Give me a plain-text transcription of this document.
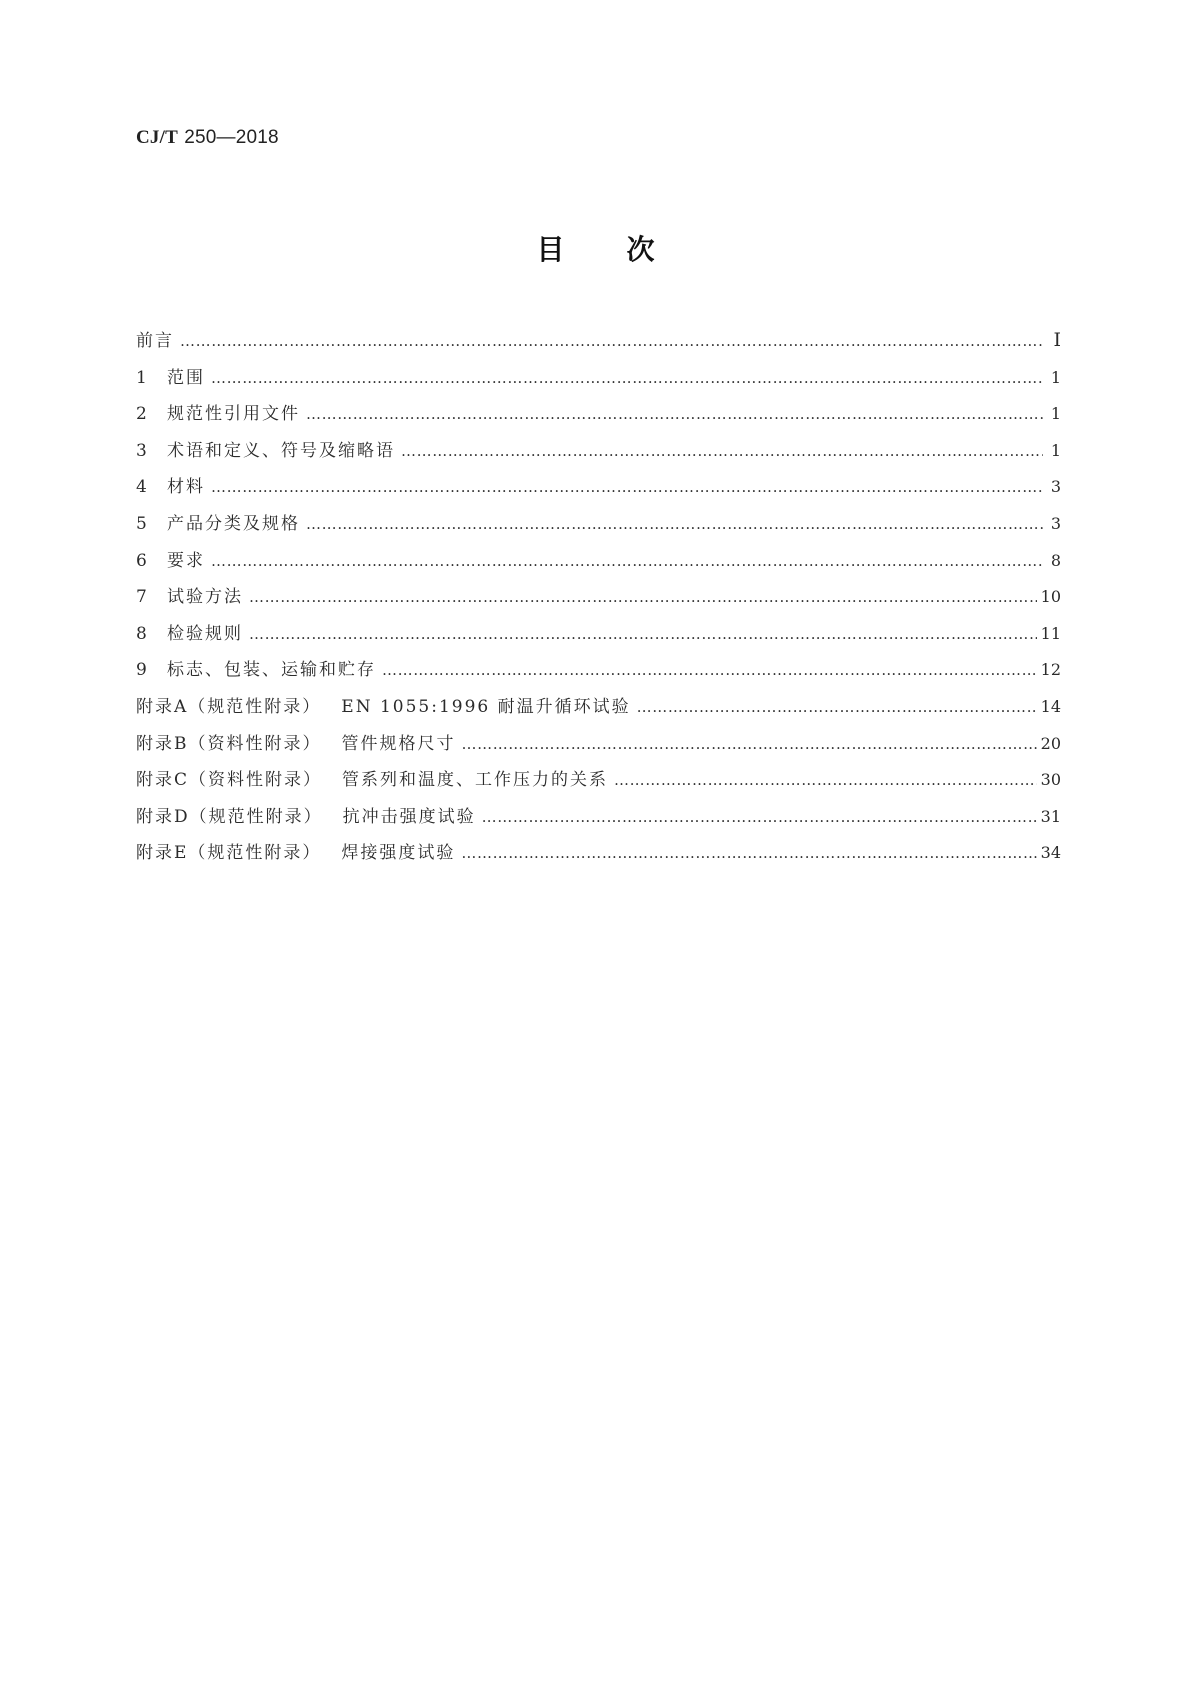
CJ/T 250—2018
目次
前言 ……………………………………………………………………………………………………………………………………………………………………………………………………	Ⅰ
1	范围 ……………………………………………………………………………………………………………………………………………………………………………………………………	1
2	规范性引用文件 ……………………………………………………………………………………………………………………………………………………………………………………………………	1
3	术语和定义、符号及缩略语 ……………………………………………………………………………………………………………………………………………………………………………………………………	1
4	材料 ……………………………………………………………………………………………………………………………………………………………………………………………………	3
5	产品分类及规格 ……………………………………………………………………………………………………………………………………………………………………………………………………	3
6	要求 ……………………………………………………………………………………………………………………………………………………………………………………………………	8
7	试验方法 ……………………………………………………………………………………………………………………………………………………………………………………………………	10
8	检验规则 ……………………………………………………………………………………………………………………………………………………………………………………………………	11
9	标志、包装、运输和贮存 ……………………………………………………………………………………………………………………………………………………………………………………………………	12
附录A（规范性附录） EN 1055:1996 耐温升循环试验 ……………………………………………………………………………………………………………………………………………………………………………………………………	14
附录B（资料性附录） 管件规格尺寸 ……………………………………………………………………………………………………………………………………………………………………………………………………	20
附录C（资料性附录） 管系列和温度、工作压力的关系 ……………………………………………………………………………………………………………………………………………………………………………………………………	30
附录D（规范性附录） 抗冲击强度试验 ……………………………………………………………………………………………………………………………………………………………………………………………………	31
附录E（规范性附录） 焊接强度试验 ……………………………………………………………………………………………………………………………………………………………………………………………………	34
